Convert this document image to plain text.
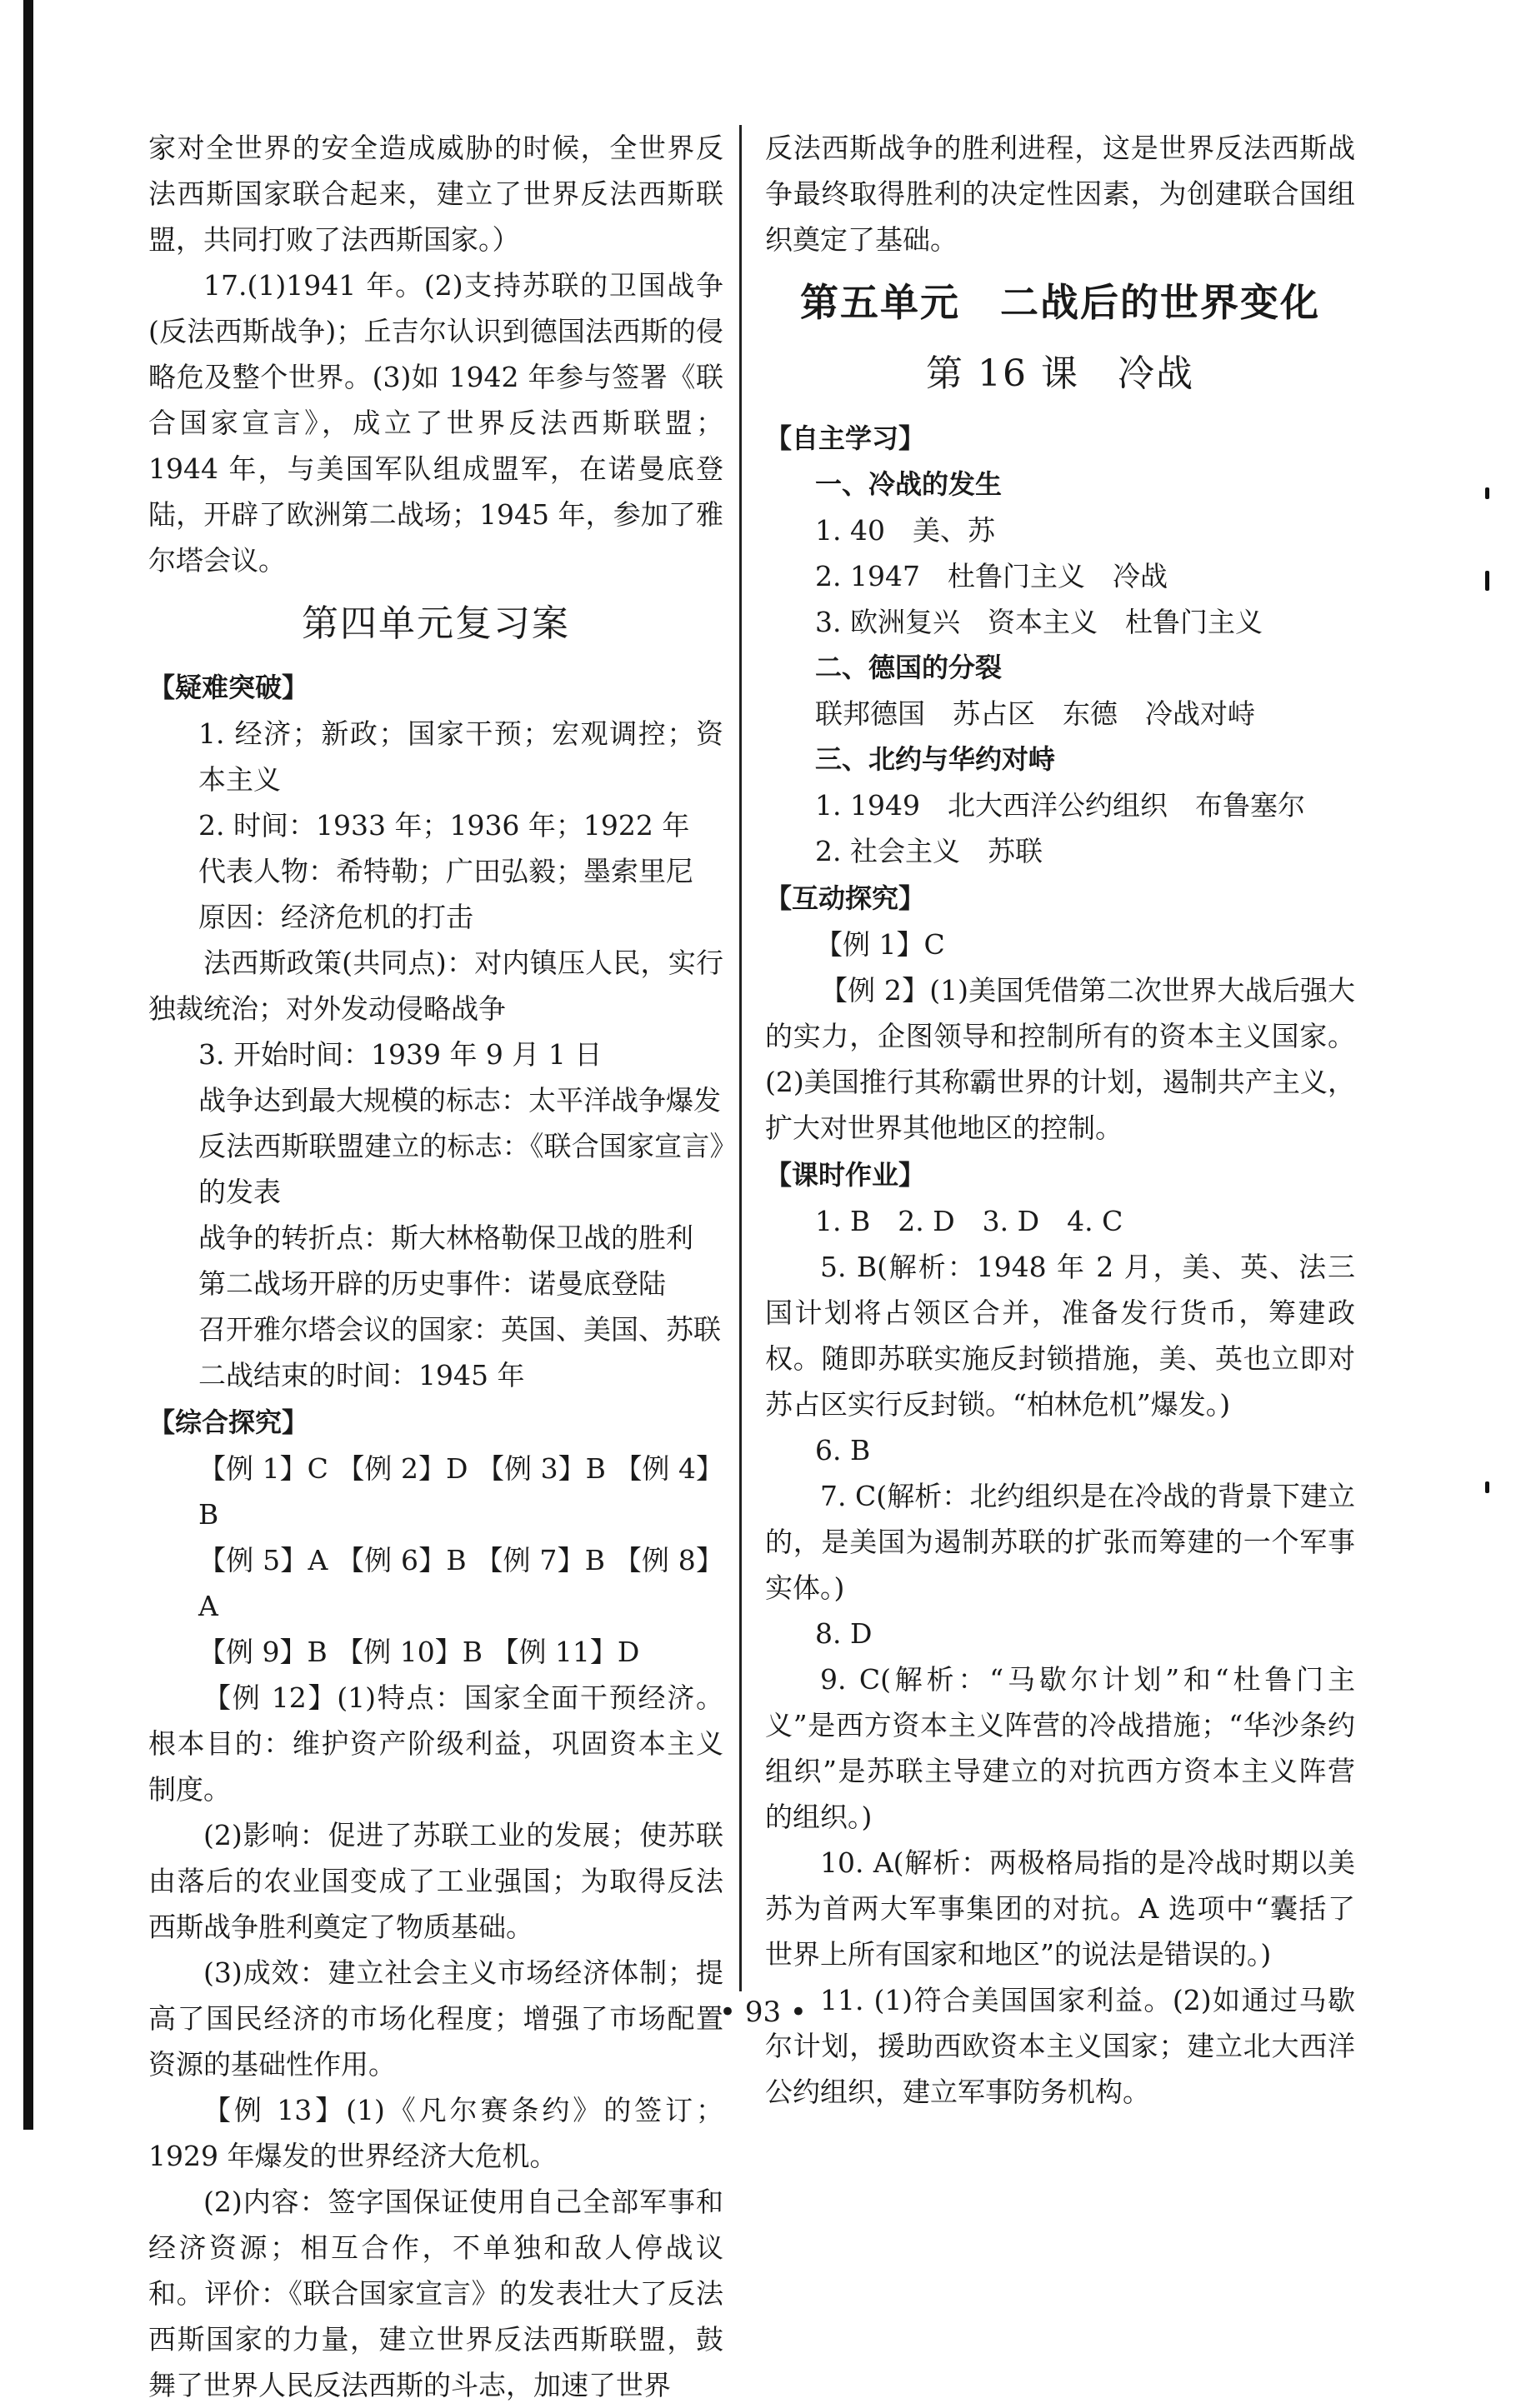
家对全世界的安全造成威胁的时候，全世界反法西斯国家联合起来，建立了世界反法西斯联盟，共同打败了法西斯国家。）

17.(1)1941 年。(2)支持苏联的卫国战争(反法西斯战争)；丘吉尔认识到德国法西斯的侵略危及整个世界。(3)如 1942 年参与签署《联合国家宣言》，成立了世界反法西斯联盟；1944 年，与美国军队组成盟军，在诺曼底登陆，开辟了欧洲第二战场；1945 年，参加了雅尔塔会议。

第四单元复习案
【疑难突破】

1. 经济；新政；国家干预；宏观调控；资本主义

2. 时间：1933 年；1936 年；1922 年

代表人物：希特勒；广田弘毅；墨索里尼

原因：经济危机的打击

法西斯政策(共同点)：对内镇压人民，实行独裁统治；对外发动侵略战争

3. 开始时间：1939 年 9 月 1 日

战争达到最大规模的标志：太平洋战争爆发

反法西斯联盟建立的标志：《联合国家宣言》的发表

战争的转折点：斯大林格勒保卫战的胜利

第二战场开辟的历史事件：诺曼底登陆

召开雅尔塔会议的国家：英国、美国、苏联

二战结束的时间：1945 年

【综合探究】

【例 1】C 【例 2】D 【例 3】B 【例 4】B

【例 5】A 【例 6】B 【例 7】B 【例 8】A

【例 9】B 【例 10】B 【例 11】D

【例 12】(1)特点：国家全面干预经济。根本目的：维护资产阶级利益，巩固资本主义制度。

(2)影响：促进了苏联工业的发展；使苏联由落后的农业国变成了工业强国；为取得反法西斯战争胜利奠定了物质基础。

(3)成效：建立社会主义市场经济体制；提高了国民经济的市场化程度；增强了市场配置资源的基础性作用。

【例 13】(1)《凡尔赛条约》的签订；1929 年爆发的世界经济大危机。

(2)内容：签字国保证使用自己全部军事和经济资源；相互合作，不单独和敌人停战议和。评价：《联合国家宣言》的发表壮大了反法西斯国家的力量，建立世界反法西斯联盟，鼓舞了世界人民反法西斯的斗志，加速了世界

反法西斯战争的胜利进程，这是世界反法西斯战争最终取得胜利的决定性因素，为创建联合国组织奠定了基础。

第五单元　二战后的世界变化
第 16 课　冷战
【自主学习】
一、冷战的发生

1. 40　美、苏

2. 1947　杜鲁门主义　冷战

3. 欧洲复兴　资本主义　杜鲁门主义

二、德国的分裂

联邦德国　苏占区　东德　冷战对峙

三、北约与华约对峙

1. 1949　北大西洋公约组织　布鲁塞尔

2. 社会主义　苏联

【互动探究】

【例 1】C

【例 2】(1)美国凭借第二次世界大战后强大的实力，企图领导和控制所有的资本主义国家。(2)美国推行其称霸世界的计划，遏制共产主义，扩大对世界其他地区的控制。

【课时作业】

1. B　2. D　3. D　4. C

5. B(解析：1948 年 2 月，美、英、法三国计划将占领区合并，准备发行货币，筹建政权。随即苏联实施反封锁措施，美、英也立即对苏占区实行反封锁。“柏林危机”爆发。)

6. B

7. C(解析：北约组织是在冷战的背景下建立的，是美国为遏制苏联的扩张而筹建的一个军事实体。)

8. D

9. C(解析：“马歇尔计划”和“杜鲁门主义”是西方资本主义阵营的冷战措施；“华沙条约组织”是苏联主导建立的对抗西方资本主义阵营的组织。)

10. A(解析：两极格局指的是冷战时期以美苏为首两大军事集团的对抗。A 选项中“囊括了世界上所有国家和地区”的说法是错误的。)

11. (1)符合美国国家利益。(2)如通过马歇尔计划，援助西欧资本主义国家；建立北大西洋公约组织，建立军事防务机构。

• 93 •
